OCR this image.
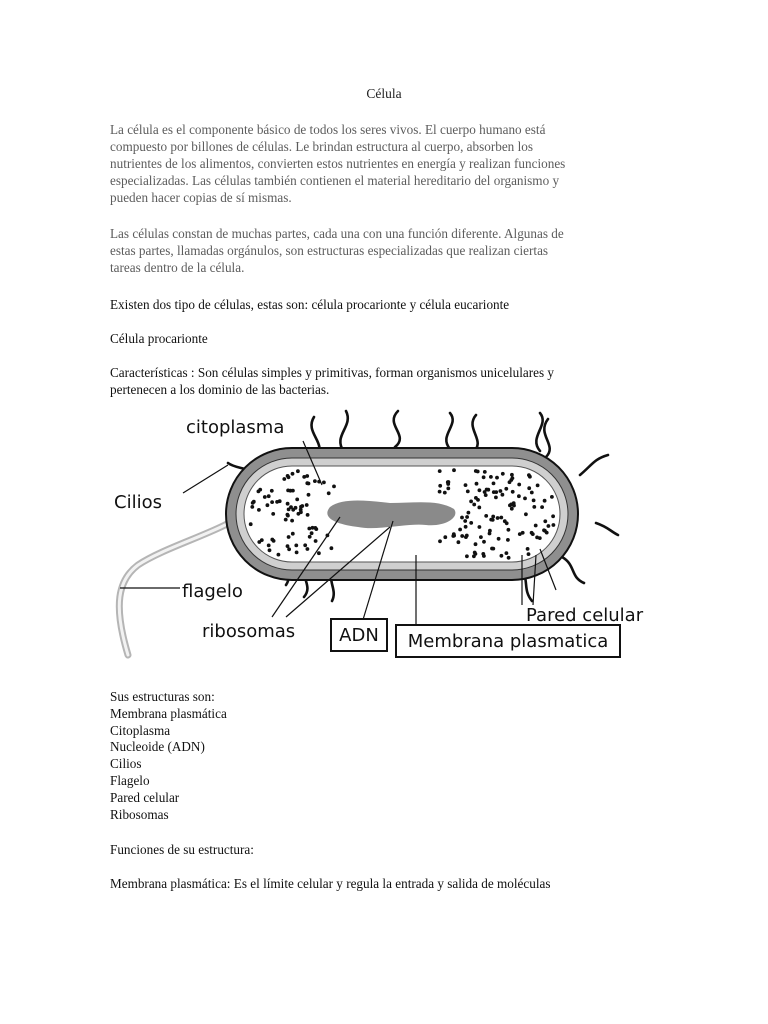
Célula
La célula es el componente básico de todos los seres vivos. El cuerpo humano está
compuesto por billones de células. Le brindan estructura al cuerpo, absorben los
nutrientes de los alimentos, convierten estos nutrientes en energía y realizan funciones
especializadas. Las células también contienen el material hereditario del organismo y
pueden hacer copias de sí mismas.
Las células constan de muchas partes, cada una con una función diferente. Algunas de
estas partes, llamadas orgánulos, son estructuras especializadas que realizan ciertas
tareas dentro de la célula.
Existen dos tipo de células, estas son: célula procarionte y célula eucarionte
Célula procarionte
Características : Son células simples y primitivas, forman organismos unicelulares y
pertenecen a los dominio de las bacterias.
citoplasma
Cilios
flagelo
ribosomas ADN Membrana plasmatica
Pared celular
Sus estructuras son:
Membrana plasmática
Citoplasma
Nucleoide (ADN)
Cilios
Flagelo
Pared celular
Ribosomas
Funciones de su estructura:
Membrana plasmática: Es el límite celular y regula la entrada y salida de moléculas
